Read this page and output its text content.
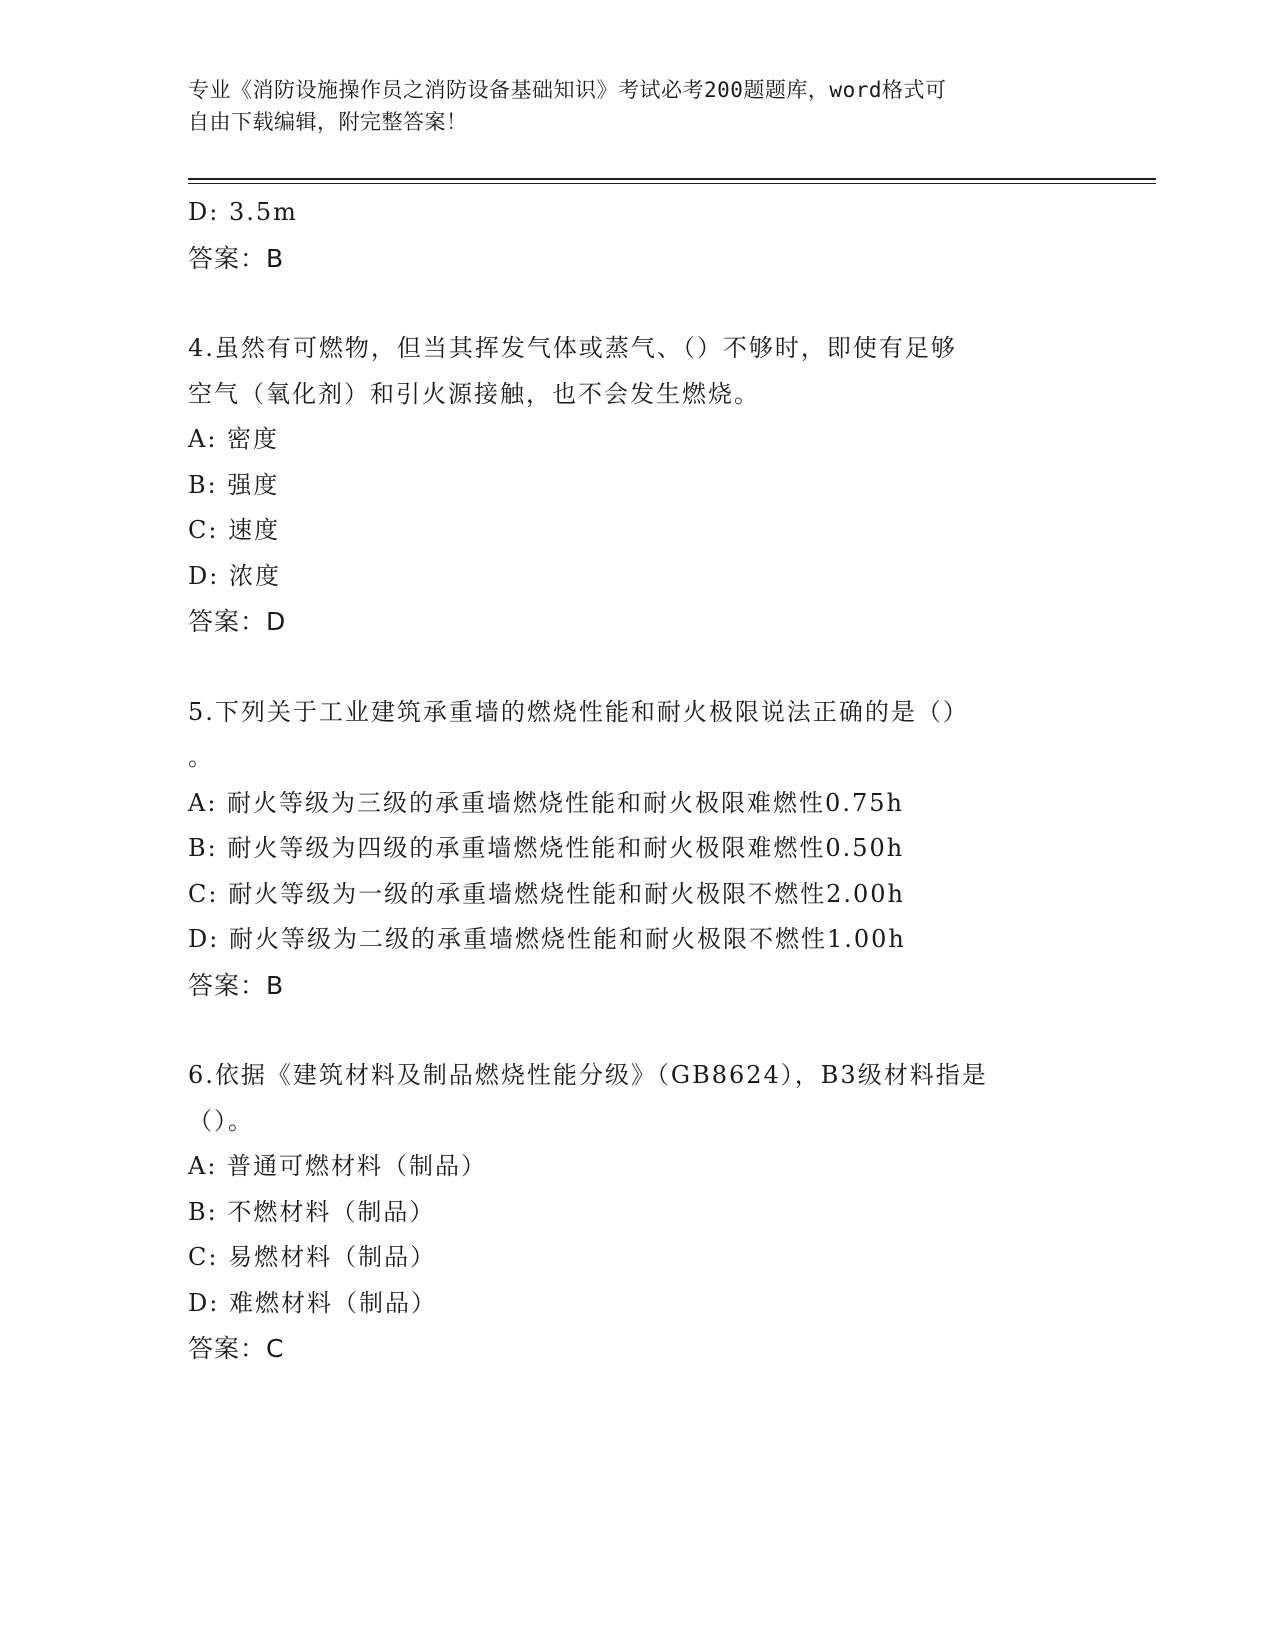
专业《消防设施操作员之消防设备基础知识》考试必考200题题库，word格式可
自由下载编辑，附完整答案！
D: 3.5m
答案：B
4.虽然有可燃物，但当其挥发气体或蒸气、（）不够时，即使有足够
空气（氧化剂）和引火源接触，也不会发生燃烧。
A: 密度
B: 强度
C: 速度
D: 浓度
答案：D
5.下列关于工业建筑承重墙的燃烧性能和耐火极限说法正确的是（）
。
A: 耐火等级为三级的承重墙燃烧性能和耐火极限难燃性0.75h
B: 耐火等级为四级的承重墙燃烧性能和耐火极限难燃性0.50h
C: 耐火等级为一级的承重墙燃烧性能和耐火极限不燃性2.00h
D: 耐火等级为二级的承重墙燃烧性能和耐火极限不燃性1.00h
答案：B
6.依据《建筑材料及制品燃烧性能分级》（GB8624），B3级材料指是
（）。
A: 普通可燃材料（制品）
B: 不燃材料（制品）
C: 易燃材料（制品）
D: 难燃材料（制品）
答案：C
